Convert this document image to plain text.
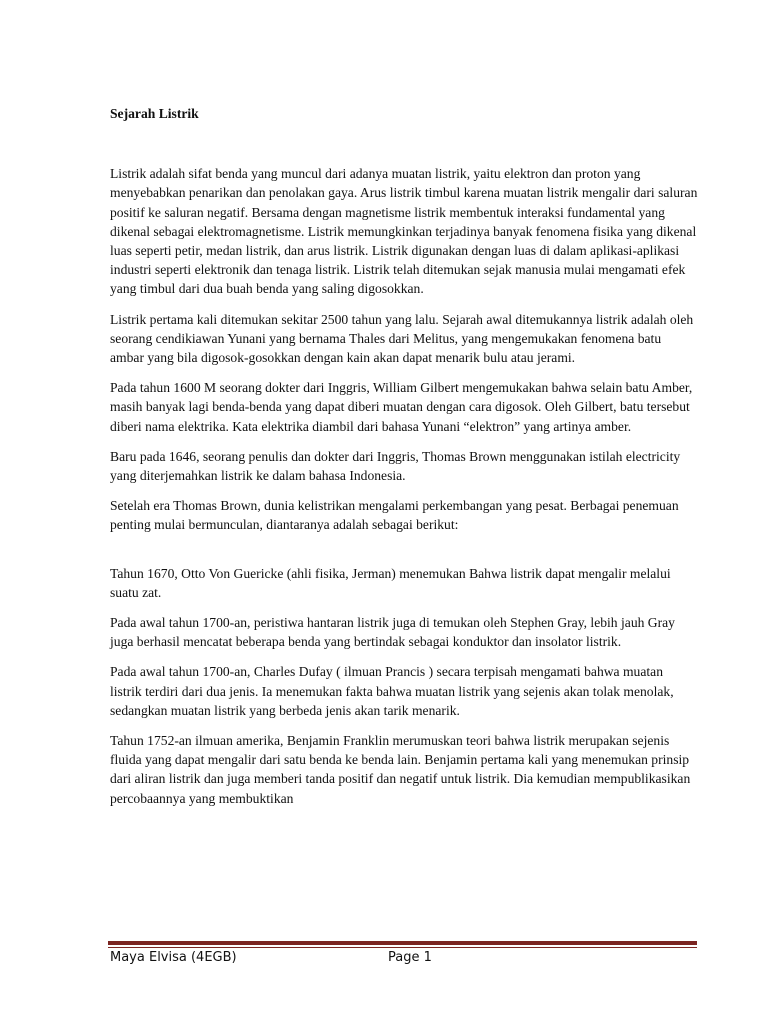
Sejarah Listrik

Listrik adalah sifat benda yang muncul dari adanya muatan listrik, yaitu elektron dan proton yang menyebabkan penarikan dan penolakan gaya. Arus listrik timbul karena muatan listrik mengalir dari saluran positif ke saluran negatif. Bersama dengan magnetisme listrik membentuk interaksi fundamental yang dikenal sebagai elektromagnetisme. Listrik memungkinkan terjadinya banyak fenomena fisika yang dikenal luas seperti petir, medan listrik, dan arus listrik. Listrik digunakan dengan luas di dalam aplikasi-aplikasi industri seperti elektronik dan tenaga listrik. Listrik telah ditemukan sejak manusia mulai mengamati efek yang timbul dari dua buah benda yang saling digosokkan.

Listrik pertama kali ditemukan sekitar 2500 tahun yang lalu. Sejarah awal ditemukannya listrik adalah oleh seorang cendikiawan Yunani yang bernama Thales dari Melitus, yang mengemukakan fenomena batu ambar yang bila digosok-gosokkan dengan kain akan dapat menarik bulu atau jerami.

Pada tahun 1600 M seorang dokter dari Inggris, William Gilbert mengemukakan bahwa selain batu Amber, masih banyak lagi benda-benda yang dapat diberi muatan dengan cara digosok. Oleh Gilbert, batu tersebut diberi nama elektrika. Kata elektrika diambil dari bahasa Yunani “elektron” yang artinya amber.

Baru pada 1646, seorang penulis dan dokter dari Inggris, Thomas Brown menggunakan istilah electricity yang diterjemahkan listrik ke dalam bahasa Indonesia.

Setelah era Thomas Brown, dunia kelistrikan mengalami perkembangan yang pesat. Berbagai penemuan penting mulai bermunculan, diantaranya adalah sebagai berikut:

Tahun 1670, Otto Von Guericke (ahli fisika, Jerman) menemukan Bahwa listrik dapat mengalir melalui suatu zat.

Pada awal tahun 1700-an, peristiwa hantaran listrik juga di temukan oleh Stephen Gray, lebih jauh Gray juga berhasil mencatat beberapa benda yang bertindak sebagai konduktor dan insolator listrik.

Pada awal tahun 1700-an, Charles Dufay ( ilmuan Prancis ) secara terpisah mengamati bahwa muatan listrik terdiri dari dua jenis. Ia menemukan fakta bahwa muatan listrik yang sejenis akan tolak menolak, sedangkan muatan listrik yang berbeda jenis akan tarik menarik.

Tahun 1752-an ilmuan amerika, Benjamin Franklin merumuskan teori bahwa listrik merupakan sejenis fluida yang dapat mengalir dari satu benda ke benda lain. Benjamin pertama kali yang menemukan prinsip dari aliran listrik dan juga memberi tanda positif dan negatif untuk listrik. Dia kemudian mempublikasikan percobaannya yang membuktikan

Maya Elvisa (4EGB)	Page 1
